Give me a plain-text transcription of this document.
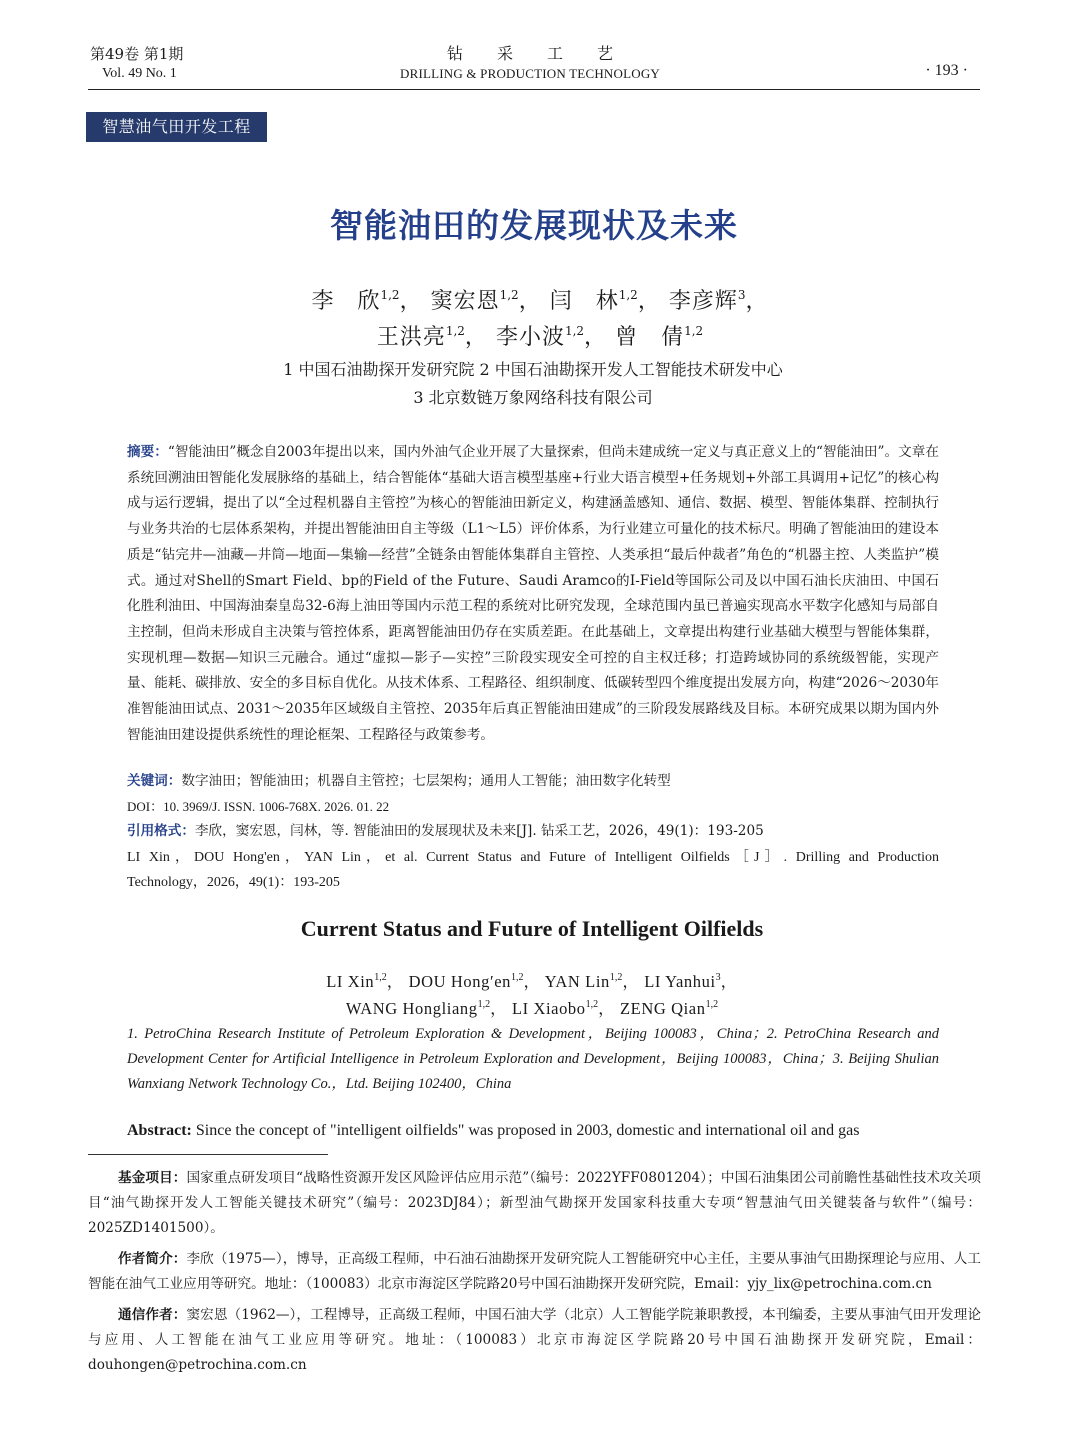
第49卷 第1期
Vol. 49 No. 1
钻采工艺
DRILLING & PRODUCTION TECHNOLOGY	· 193 ·
智慧油气田开发工程
智能油田的发展现状及未来
李　欣$^{1,2}$， 窦宏恩$^{1,2}$， 闫　林$^{1,2}$， 李彦辉$^3$，
王洪亮$^{1,2}$， 李小波$^{1,2}$， 曾　倩$^{1,2}$
1 中国石油勘探开发研究院 2 中国石油勘探开发人工智能技术研发中心
3 北京数链万象网络科技有限公司

摘要：“智能油田”概念自2003年提出以来，国内外油气企业开展了大量探索，但尚未建成统一定义与真正意义上的“智能油田”。文章在系统回溯油田智能化发展脉络的基础上，结合智能体“基础大语言模型基座+行业大语言模型+任务规划+外部工具调用+记忆”的核心构成与运行逻辑，提出了以“全过程机器自主管控”为核心的智能油田新定义，构建涵盖感知、通信、数据、模型、智能体集群、控制执行与业务共治的七层体系架构，并提出智能油田自主等级（L1～L5）评价体系，为行业建立可量化的技术标尺。明确了智能油田的建设本质是“钻完井—油藏—井筒—地面—集输—经营”全链条由智能体集群自主管控、人类承担“最后仲裁者”角色的“机器主控、人类监护”模式。通过对Shell的Smart Field、bp的Field of the Future、Saudi Aramco的I-Field等国际公司及以中国石油长庆油田、中国石化胜利油田、中国海油秦皇岛32-6海上油田等国内示范工程的系统对比研究发现，全球范围内虽已普遍实现高水平数字化感知与局部自主控制，但尚未形成自主决策与管控体系，距离智能油田仍存在实质差距。在此基础上，文章提出构建行业基础大模型与智能体集群，实现机理—数据—知识三元融合。通过“虚拟—影子—实控”三阶段实现安全可控的自主权迁移；打造跨域协同的系统级智能，实现产量、能耗、碳排放、安全的多目标自优化。从技术体系、工程路径、组织制度、低碳转型四个维度提出发展方向，构建“2026～2030年准智能油田试点、2031～2035年区域级自主管控、2035年后真正智能油田建成”的三阶段发展路线及目标。本研究成果以期为国内外智能油田建设提供系统性的理论框架、工程路径与政策参考。

关键词：数字油田；智能油田；机器自主管控；七层架构；通用人工智能；油田数字化转型
DOI：10. 3969/J. ISSN. 1006-768X. 2026. 01. 22
引用格式：李欣，窦宏恩，闫林，等. 智能油田的发展现状及未来[J]. 钻采工艺，2026，49(1)：193-205
LI Xin，DOU Hong'en，YAN Lin，et al. Current Status and Future of Intelligent Oilfields［J］. Drilling and Production
Technology，2026，49(1)：193-205
Current Status and Future of Intelligent Oilfields
LI Xin$^{1,2}$， DOU Hong′en$^{1,2}$， YAN Lin$^{1,2}$， LI Yanhui$^3$，
WANG Hongliang$^{1,2}$， LI Xiaobo$^{1,2}$， ZENG Qian$^{1,2}$
1. PetroChina Research Institute of Petroleum Exploration & Development，Beijing 100083，China；2. PetroChina Research and Development Center for Artificial Intelligence in Petroleum Exploration and Development，Beijing 100083，China；3. Beijing Shulian Wanxiang Network Technology Co.，Ltd. Beijing 102400，China
Abstract: Since the concept of "intelligent oilfields" was proposed in 2003, domestic and international oil and gas

基金项目：国家重点研发项目“战略性资源开发区风险评估应用示范”（编号：2022YFF0801204）；中国石油集团公司前瞻性基础性技术攻关项目“油气勘探开发人工智能关键技术研究”（编号：2023DJ84）；新型油气勘探开发国家科技重大专项“智慧油气田关键装备与软件”（编号：2025ZD1401500）。

作者简介：李欣（1975—），博导，正高级工程师，中石油石油勘探开发研究院人工智能研究中心主任，主要从事油气田勘探理论与应用、人工智能在油气工业应用等研究。地址：（100083）北京市海淀区学院路20号中国石油勘探开发研究院，Email：yjy_lix@petrochina.com.cn

通信作者：窦宏恩（1962—），工程博导，正高级工程师，中国石油大学（北京）人工智能学院兼职教授，本刊编委，主要从事油气田开发理论与应用、人工智能在油气工业应用等研究。地址：（100083）北京市海淀区学院路20号中国石油勘探开发研究院，Email：douhongen@petrochina.com.cn
